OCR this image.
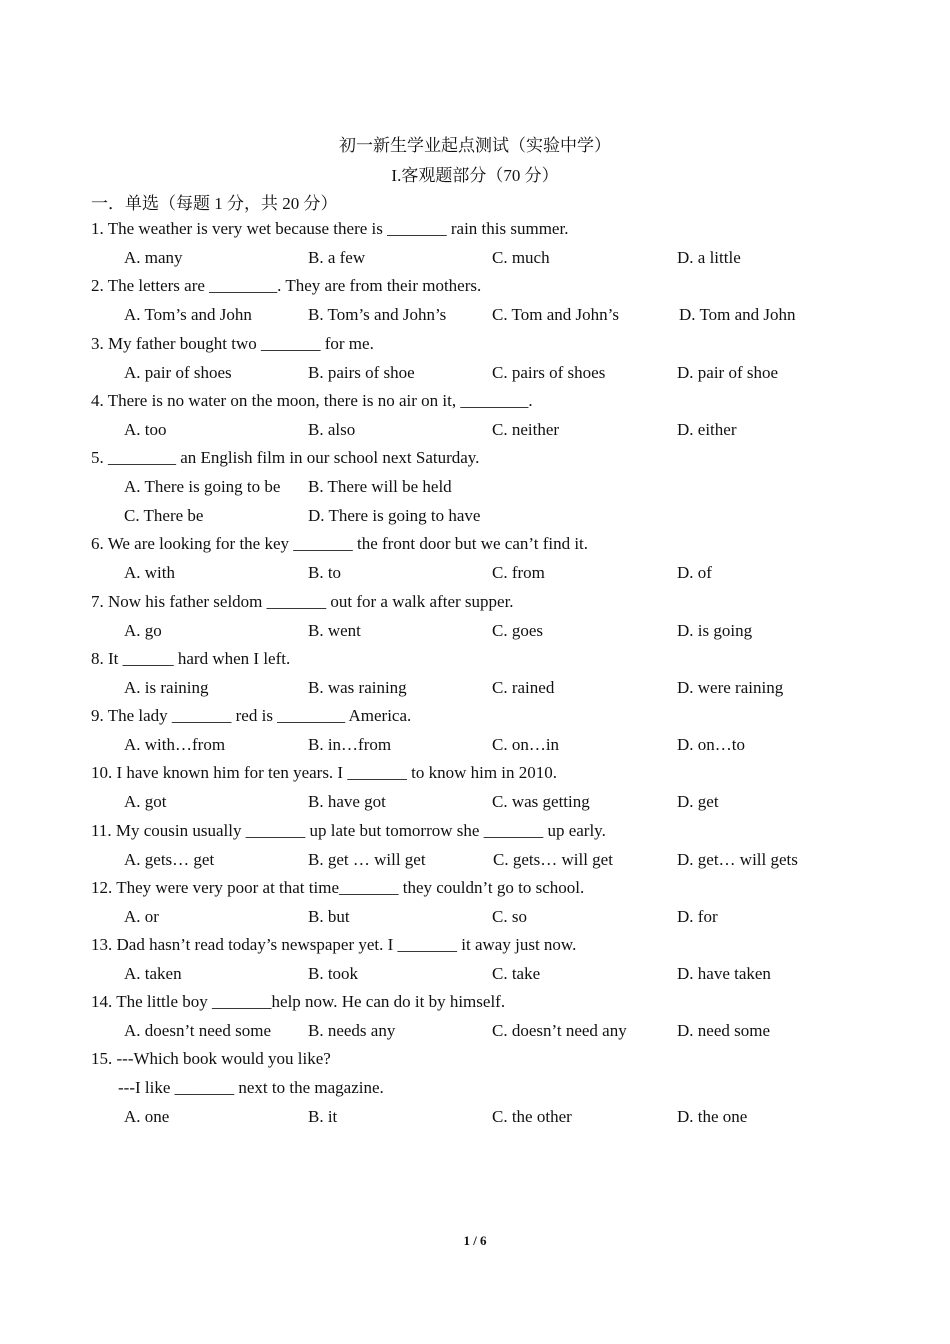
初一新生学业起点测试（实验中学）
I.客观题部分（70 分）
一．单选（每题 1 分，共 20 分）
1. The weather is very wet because there is _______ rain this summer.
A. many	B. a few	C. much	D. a little
2. The letters are ________. They are from their mothers.
A. Tom’s and John	B. Tom’s and John’s	C. Tom and John’s	D. Tom and John
3. My father bought two _______ for me.
A. pair of shoes	B. pairs of shoe	C. pairs of shoes	D. pair of shoe
4. There is no water on the moon, there is no air on it, ________.
A. too	B. also	C. neither	D. either
5. ________ an English film in our school next Saturday.
A. There is going to be B. There will be held
C. There be	D. There is going to have
6. We are looking for the key _______ the front door but we can’t find it.
A. with	B. to	C. from	D. of
7. Now his father seldom _______ out for a walk after supper.
A. go	B. went	C. goes	D. is going
8. It ______ hard when I left.
A. is raining	B. was raining	C. rained	D. were raining
9. The lady _______ red is ________ America.
A. with…from	B. in…from	C. on…in	D. on…to
10. I have known him for ten years. I _______ to know him in 2010.
A. got	B. have got	C. was getting	D. get
11. My cousin usually _______ up late but tomorrow she _______ up early.
A. gets… get	B. get … will get	C. gets… will get	D. get… will gets
12. They were very poor at that time_______ they couldn’t go to school.
A. or	B. but	C. so	D. for
13. Dad hasn’t read today’s newspaper yet. I _______ it away just now.
A. taken	B. took	C. take	D. have taken
14. The little boy _______help now. He can do it by himself.
A. doesn’t need some B. needs any	C. doesn’t need any	D. need some
15. ---Which book would you like?
---I like _______ next to the magazine.
A. one	B. it	C. the other	D. the one
1 / 6
